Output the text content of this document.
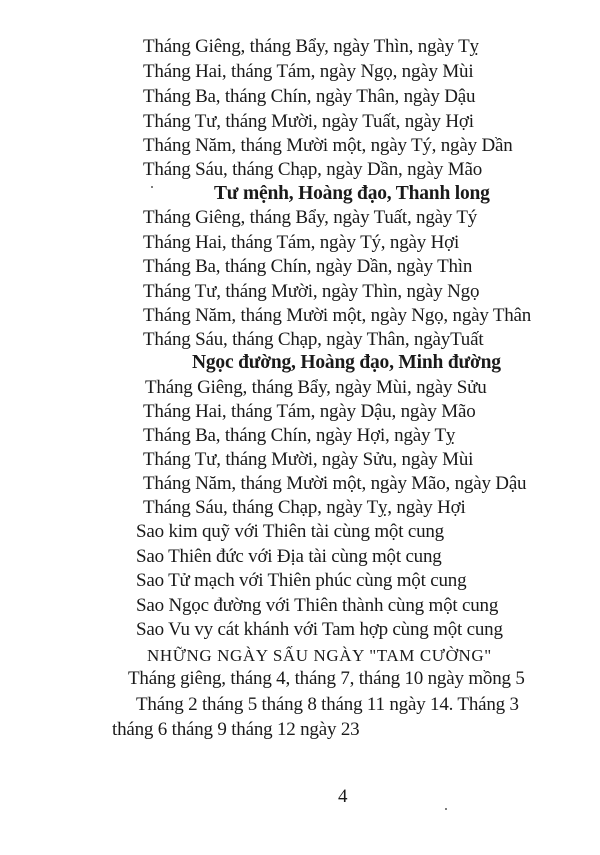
Tháng Giêng, tháng Bẩy, ngày Thìn, ngày Tỵ
Tháng Hai, tháng Tám, ngày Ngọ, ngày Mùi
Tháng Ba, tháng Chín, ngày Thân, ngày Dậu
Tháng Tư, tháng Mười, ngày Tuất, ngày Hợi
Tháng Năm, tháng Mười một, ngày Tý, ngày Dần
Tháng Sáu, tháng Chạp, ngày Dần, ngày Mão
Tư mệnh, Hoàng đạo, Thanh long
Tháng Giêng, tháng Bẩy, ngày Tuất, ngày Tý
Tháng Hai, tháng Tám, ngày Tý, ngày Hợi
Tháng Ba, tháng Chín, ngày Dần, ngày Thìn
Tháng Tư, tháng Mười, ngày Thìn, ngày Ngọ
Tháng Năm, tháng Mười một, ngày Ngọ, ngày Thân
Tháng Sáu, tháng Chạp, ngày Thân, ngàyTuất
Ngọc đường, Hoàng đạo, Minh đường
Tháng Giêng, tháng Bẩy, ngày Mùi, ngày Sửu
Tháng Hai, tháng Tám, ngày Dậu, ngày Mão
Tháng Ba, tháng Chín, ngày Hợi, ngày Tỵ
Tháng Tư, tháng Mười, ngày Sửu, ngày Mùi
Tháng Năm, tháng Mười một, ngày Mão, ngày Dậu
Tháng Sáu, tháng Chạp, ngày Tỵ, ngày Hợi
Sao kim quỹ với Thiên tài cùng một cung
Sao Thiên đức với Địa tài cùng một cung
Sao Tử mạch với Thiên phúc cùng một cung
Sao Ngọc đường với Thiên thành cùng một cung
Sao Vu vy cát khánh với Tam hợp cùng một cung
NHỮNG NGÀY SẤU NGÀY "TAM CƯỜNG"
Tháng giêng, tháng 4, tháng 7, tháng 10 ngày mồng 5
Tháng 2 tháng 5 tháng 8 tháng 11 ngày 14. Tháng 3
tháng 6 tháng 9 tháng 12 ngày 23
4
